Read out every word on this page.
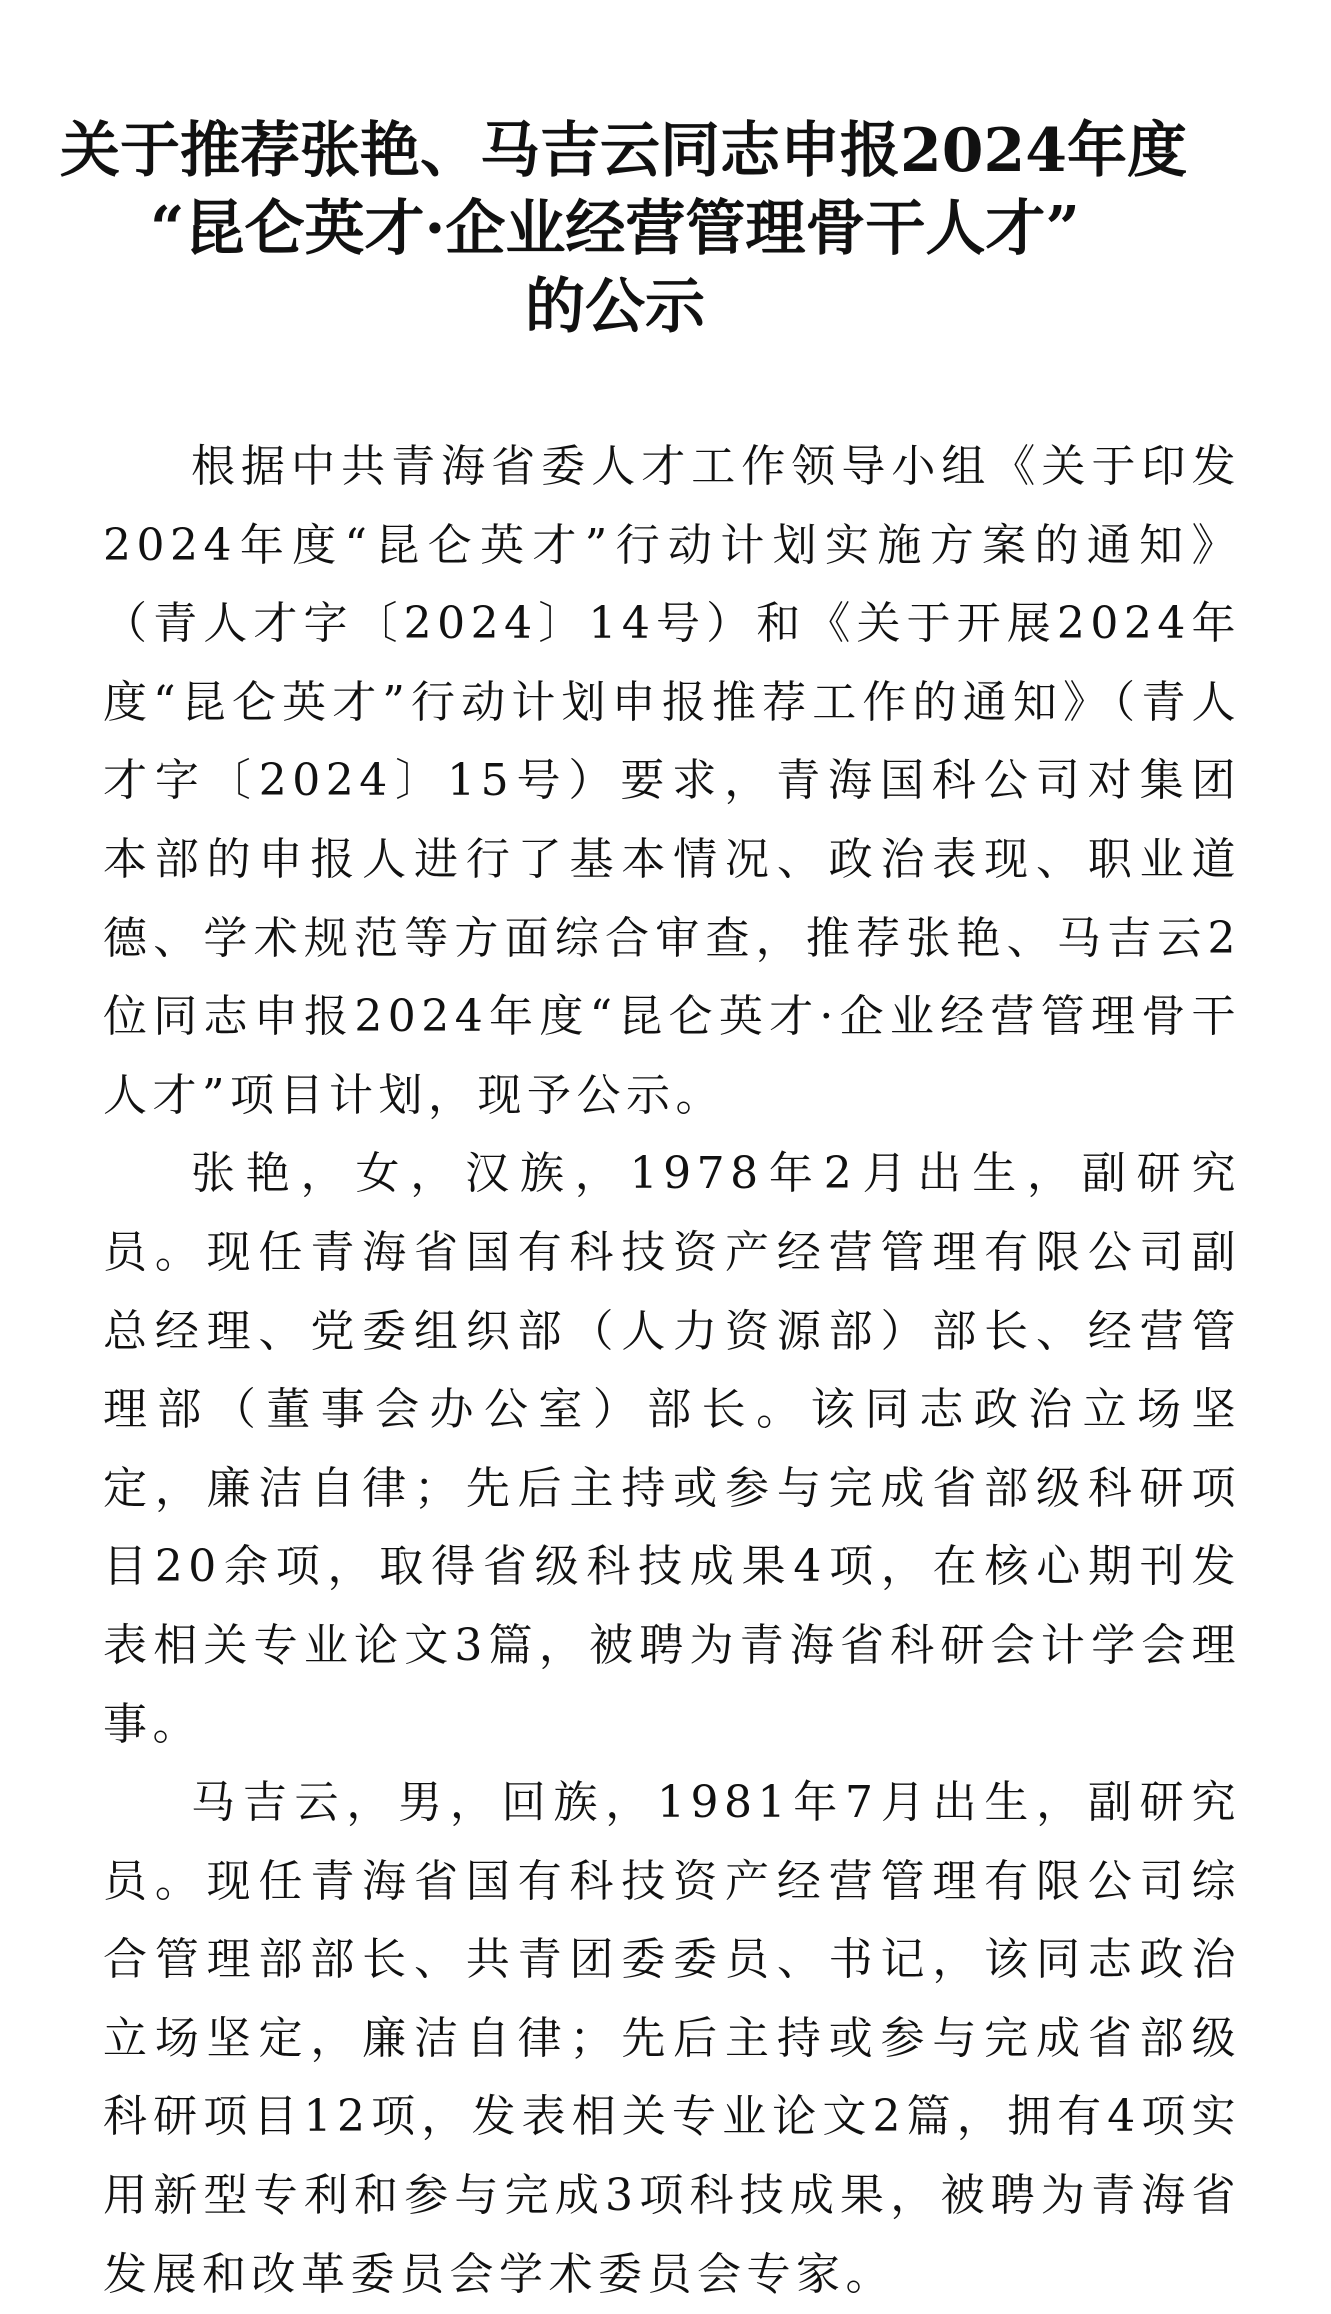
关于推荐张艳、马吉云同志申报2024年度
“昆仑英才·企业经营管理骨干人才”
的公示

根据中共青海省委人才工作领导小组《关于印发2024年度“昆仑英才”行动计划实施方案的通知》（青人才字〔2024〕14号）和《关于开展2024年度“昆仑英才”行动计划申报推荐工作的通知》（青人才字〔2024〕15号）要求，青海国科公司对集团本部的申报人进行了基本情况、政治表现、职业道德、学术规范等方面综合审查，推荐张艳、马吉云2位同志申报2024年度“昆仑英才·企业经营管理骨干人才”项目计划，现予公示。

张艳，女，汉族，1978年2月出生，副研究员。现任青海省国有科技资产经营管理有限公司副总经理、党委组织部（人力资源部）部长、经营管理部（董事会办公室）部长。该同志政治立场坚定，廉洁自律；先后主持或参与完成省部级科研项目20余项，取得省级科技成果4项，在核心期刊发表相关专业论文3篇，被聘为青海省科研会计学会理事。

马吉云，男，回族，1981年7月出生，副研究员。现任青海省国有科技资产经营管理有限公司综合管理部部长、共青团委委员、书记，该同志政治立场坚定，廉洁自律；先后主持或参与完成省部级科研项目12项，发表相关专业论文2篇，拥有4项实用新型专利和参与完成3项科技成果，被聘为青海省发展和改革委员会学术委员会专家。
